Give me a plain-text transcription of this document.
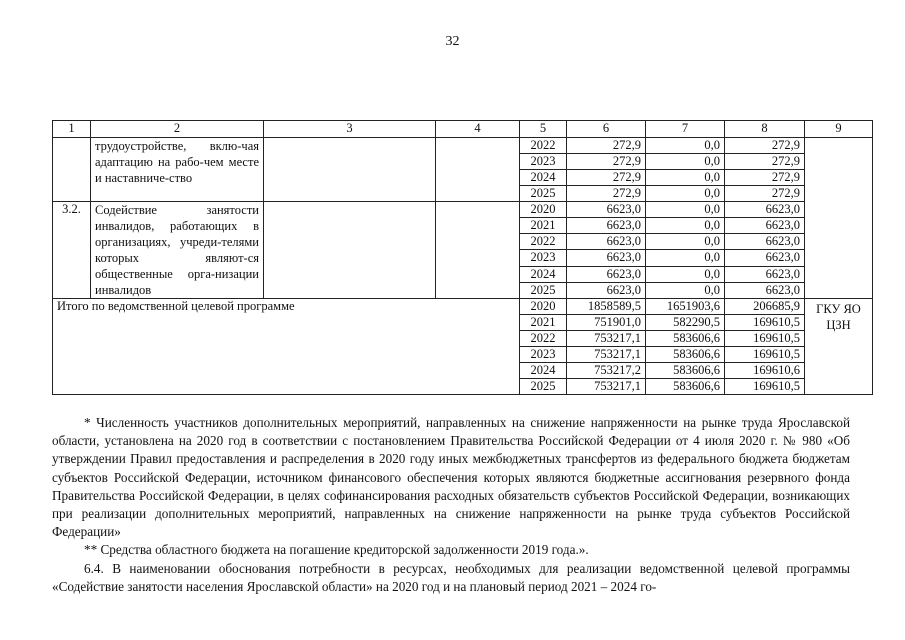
32
1	2	3	4	5	6	7	8	9
	трудоустройстве, вклю-чая адаптацию на рабо-чем месте и наставниче-ство			2022	272,9	0,0	272,9	
				2023	272,9	0,0	272,9	
				2024	272,9	0,0	272,9	
				2025	272,9	0,0	272,9	
3.2.	Содействие занятости инвалидов, работающих в организациях, учреди-телями которых являют-ся общественные орга-низации инвалидов			2020	6623,0	0,0	6623,0	
				2021	6623,0	0,0	6623,0	
				2022	6623,0	0,0	6623,0	
				2023	6623,0	0,0	6623,0	
				2024	6623,0	0,0	6623,0	
				2025	6623,0	0,0	6623,0	
Итого по ведомственной целевой программе				2020	1858589,5	1651903,6	206685,9	ГКУ ЯО ЦЗН
				2021	751901,0	582290,5	169610,5	
				2022	753217,1	583606,6	169610,5	
				2023	753217,1	583606,6	169610,5	
				2024	753217,2	583606,6	169610,6	
				2025	753217,1	583606,6	169610,5	

* Численность участников дополнительных мероприятий, направленных на снижение напряженности на рынке труда Ярославской области, установлена на 2020 год в соответствии с постановлением Правительства Российской Федерации от 4 июля 2020 г. № 980 «Об утверждении Правил предоставления и распределения в 2020 году иных межбюджетных трансфертов из федерального бюджета бюджетам субъектов Российской Федерации, источником финансового обеспечения которых являются бюджетные ассигнования резервного фонда Правительства Российской Федерации, в целях софинансирования расходных обязательств субъектов Российской Федерации, возникающих при реализации дополнительных мероприятий, направленных на снижение напряженности на рынке труда субъектов Российской Федерации»

** Средства областного бюджета на погашение кредиторской задолженности 2019 года.».

6.4. В наименовании обоснования потребности в ресурсах, необходимых для реализации ведомственной целевой программы «Содействие занятости населения Ярославской области» на 2020 год и на плановый период 2021 – 2024 го-
